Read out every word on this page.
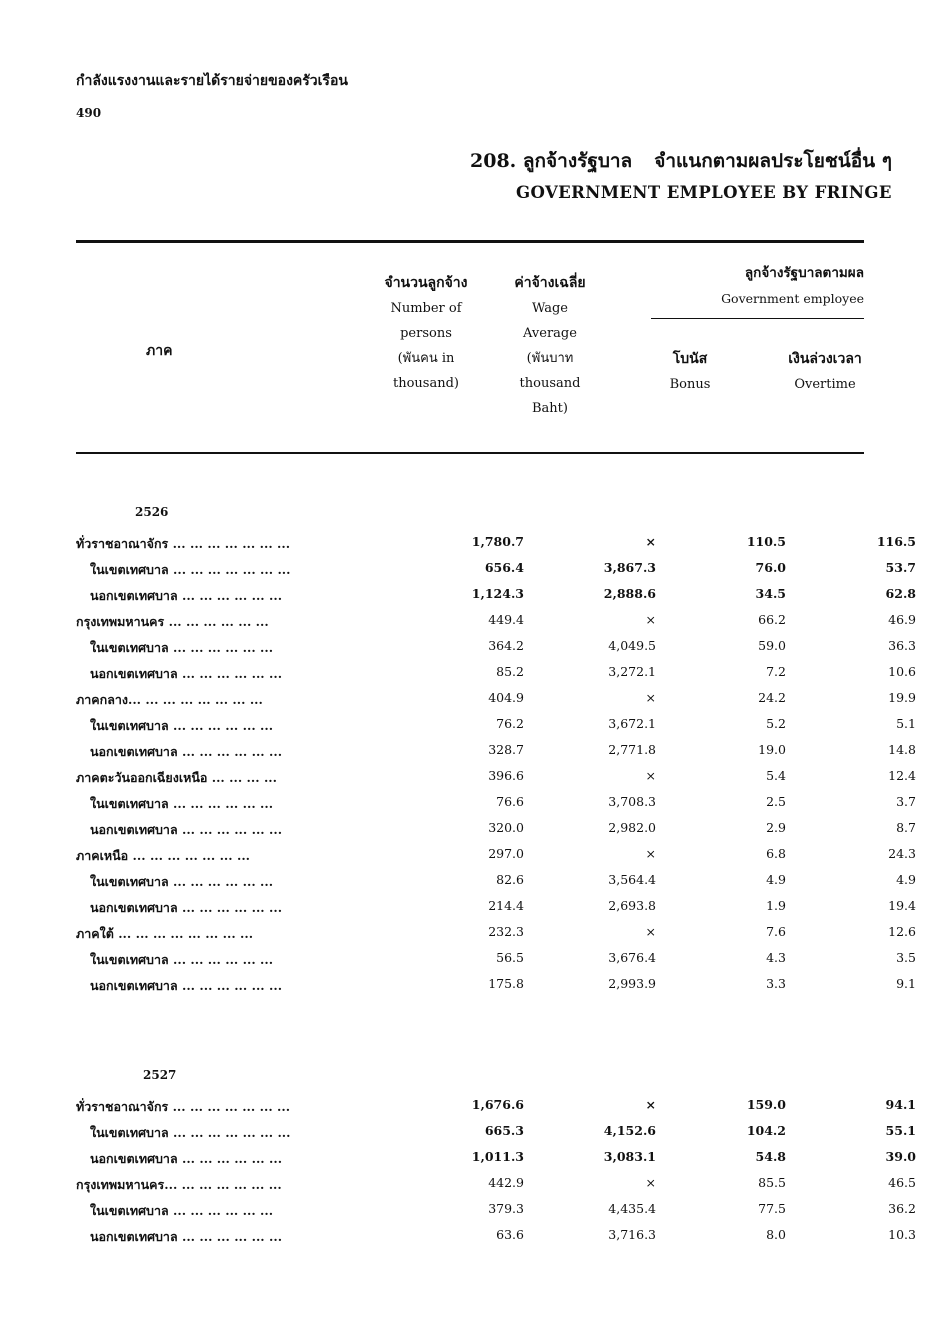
กำลังแรงงานและรายได้รายจ่ายของครัวเรือน
490
208. ลูกจ้างรัฐบาล จำแนกตามผลประโยชน์อื่น ๆ
GOVERNMENT EMPLOYEE BY FRINGE
ภาค
จำนวนลูกจ้าง
Number of
persons
(พันคน in
thousand)
ค่าจ้างเฉลี่ย
Wage
Average
(พันบาท
thousand
Baht)
ลูกจ้างรัฐบาลตามผล
Government employee
โบนัส
Bonus
เงินล่วงเวลา
Overtime
2526
ทั่วราชอาณาจักร ... ... ... ... ... ... ...	1,780.7	×	110.5	116.5
ในเขตเทศบาล ... ... ... ... ... ... ...	656.4	3,867.3	76.0	53.7
นอกเขตเทศบาล ... ... ... ... ... ...	1,124.3	2,888.6	34.5	62.8
กรุงเทพมหานคร ... ... ... ... ... ...	449.4	×	66.2	46.9
ในเขตเทศบาล ... ... ... ... ... ...	364.2	4,049.5	59.0	36.3
นอกเขตเทศบาล ... ... ... ... ... ...	85.2	3,272.1	7.2	10.6
ภาคกลาง... ... ... ... ... ... ... ...	404.9	×	24.2	19.9
ในเขตเทศบาล ... ... ... ... ... ...	76.2	3,672.1	5.2	5.1
นอกเขตเทศบาล ... ... ... ... ... ...	328.7	2,771.8	19.0	14.8
ภาคตะวันออกเฉียงเหนือ ... ... ... ...	396.6	×	5.4	12.4
ในเขตเทศบาล ... ... ... ... ... ...	76.6	3,708.3	2.5	3.7
นอกเขตเทศบาล ... ... ... ... ... ...	320.0	2,982.0	2.9	8.7
ภาคเหนือ ... ... ... ... ... ... ...	297.0	×	6.8	24.3
ในเขตเทศบาล ... ... ... ... ... ...	82.6	3,564.4	4.9	4.9
นอกเขตเทศบาล ... ... ... ... ... ...	214.4	2,693.8	1.9	19.4
ภาคใต้ ... ... ... ... ... ... ... ...	232.3	×	7.6	12.6
ในเขตเทศบาล ... ... ... ... ... ...	56.5	3,676.4	4.3	3.5
นอกเขตเทศบาล ... ... ... ... ... ...	175.8	2,993.9	3.3	9.1
2527
ทั่วราชอาณาจักร ... ... ... ... ... ... ...	1,676.6	×	159.0	94.1
ในเขตเทศบาล ... ... ... ... ... ... ...	665.3	4,152.6	104.2	55.1
นอกเขตเทศบาล ... ... ... ... ... ...	1,011.3	3,083.1	54.8	39.0
กรุงเทพมหานคร... ... ... ... ... ... ...	442.9	×	85.5	46.5
ในเขตเทศบาล ... ... ... ... ... ...	379.3	4,435.4	77.5	36.2
นอกเขตเทศบาล ... ... ... ... ... ...	63.6	3,716.3	8.0	10.3
